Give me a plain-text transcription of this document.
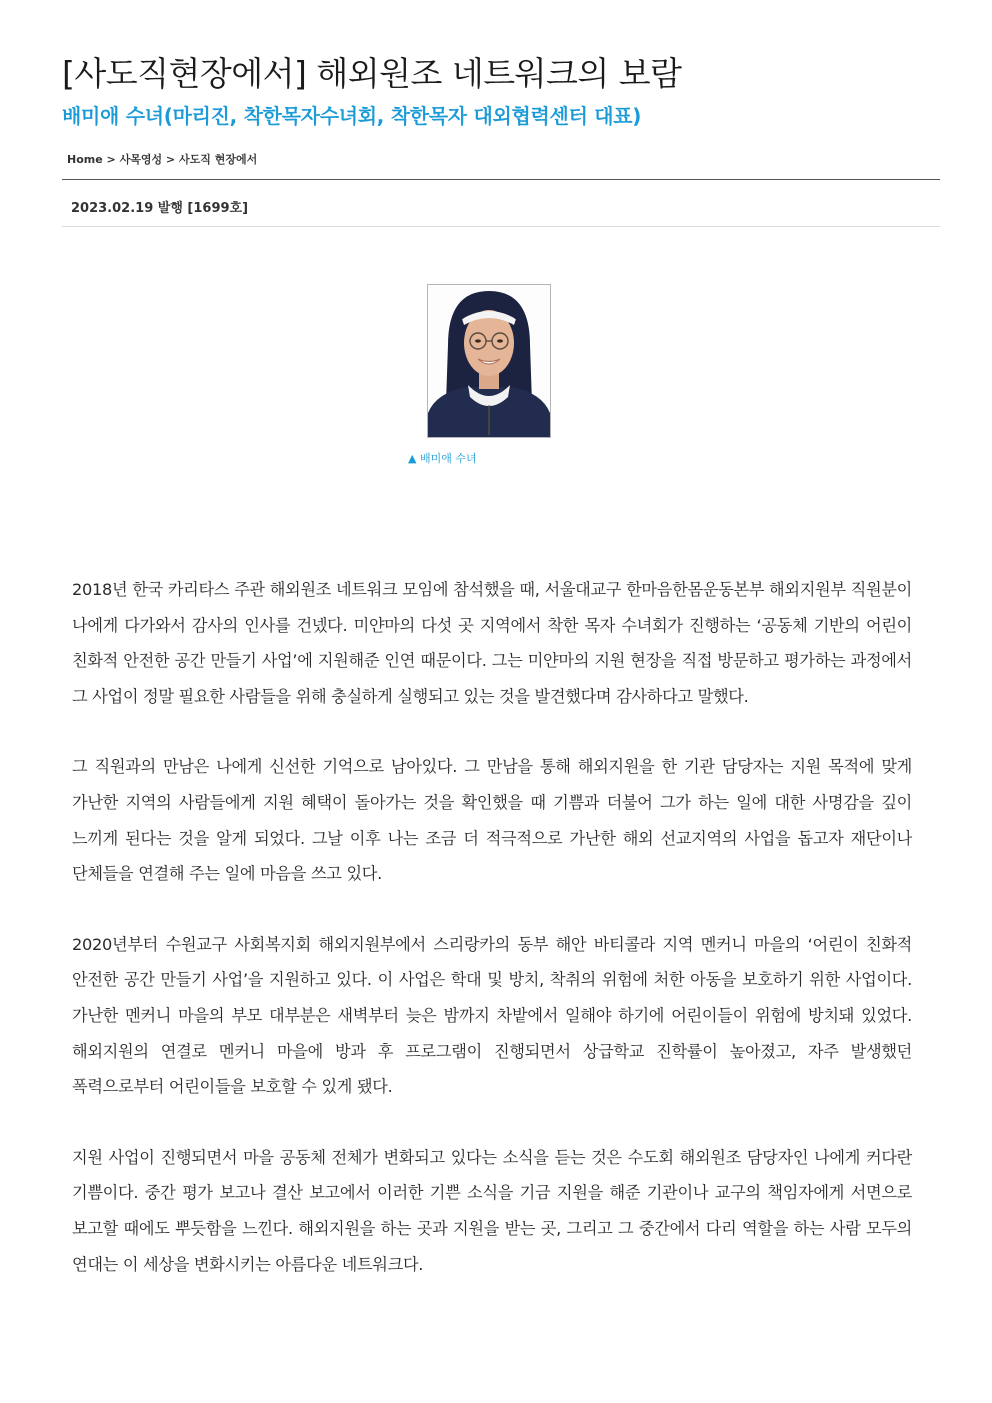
[사도직현장에서] 해외원조 네트워크의 보람
배미애 수녀(마리진, 착한목자수녀회, 착한목자 대외협력센터 대표)
Home > 사목영성 > 사도직 현장에서
2023.02.19 발행 [1699호]
▲ 배미애 수녀

2018년 한국 카리타스 주관 해외원조 네트워크 모임에 참석했을 때, 서울대교구 한마음한몸운동본부 해외지원부 직원분이 나에게 다가와서 감사의 인사를 건넸다. 미얀마의 다섯 곳 지역에서 착한 목자 수녀회가 진행하는 ‘공동체 기반의 어린이 친화적 안전한 공간 만들기 사업’에 지원해준 인연 때문이다. 그는 미얀마의 지원 현장을 직접 방문하고 평가하는 과정에서 그 사업이 정말 필요한 사람들을 위해 충실하게 실행되고 있는 것을 발견했다며 감사하다고 말했다.

그 직원과의 만남은 나에게 신선한 기억으로 남아있다. 그 만남을 통해 해외지원을 한 기관 담당자는 지원 목적에 맞게 가난한 지역의 사람들에게 지원 혜택이 돌아가는 것을 확인했을 때 기쁨과 더불어 그가 하는 일에 대한 사명감을 깊이 느끼게 된다는 것을 알게 되었다. 그날 이후 나는 조금 더 적극적으로 가난한 해외 선교지역의 사업을 돕고자 재단이나 단체들을 연결해 주는 일에 마음을 쓰고 있다.

2020년부터 수원교구 사회복지회 해외지원부에서 스리랑카의 동부 해안 바티콜라 지역 멘커니 마을의 ‘어린이 친화적 안전한 공간 만들기 사업’을 지원하고 있다. 이 사업은 학대 및 방치, 착취의 위험에 처한 아동을 보호하기 위한 사업이다. 가난한 멘커니 마을의 부모 대부분은 새벽부터 늦은 밤까지 차밭에서 일해야 하기에 어린이들이 위험에 방치돼 있었다. 해외지원의 연결로 멘커니 마을에 방과 후 프로그램이 진행되면서 상급학교 진학률이 높아졌고, 자주 발생했던 폭력으로부터 어린이들을 보호할 수 있게 됐다.

지원 사업이 진행되면서 마을 공동체 전체가 변화되고 있다는 소식을 듣는 것은 수도회 해외원조 담당자인 나에게 커다란 기쁨이다. 중간 평가 보고나 결산 보고에서 이러한 기쁜 소식을 기금 지원을 해준 기관이나 교구의 책임자에게 서면으로 보고할 때에도 뿌듯함을 느낀다. 해외지원을 하는 곳과 지원을 받는 곳, 그리고 그 중간에서 다리 역할을 하는 사람 모두의 연대는 이 세상을 변화시키는 아름다운 네트워크다.
